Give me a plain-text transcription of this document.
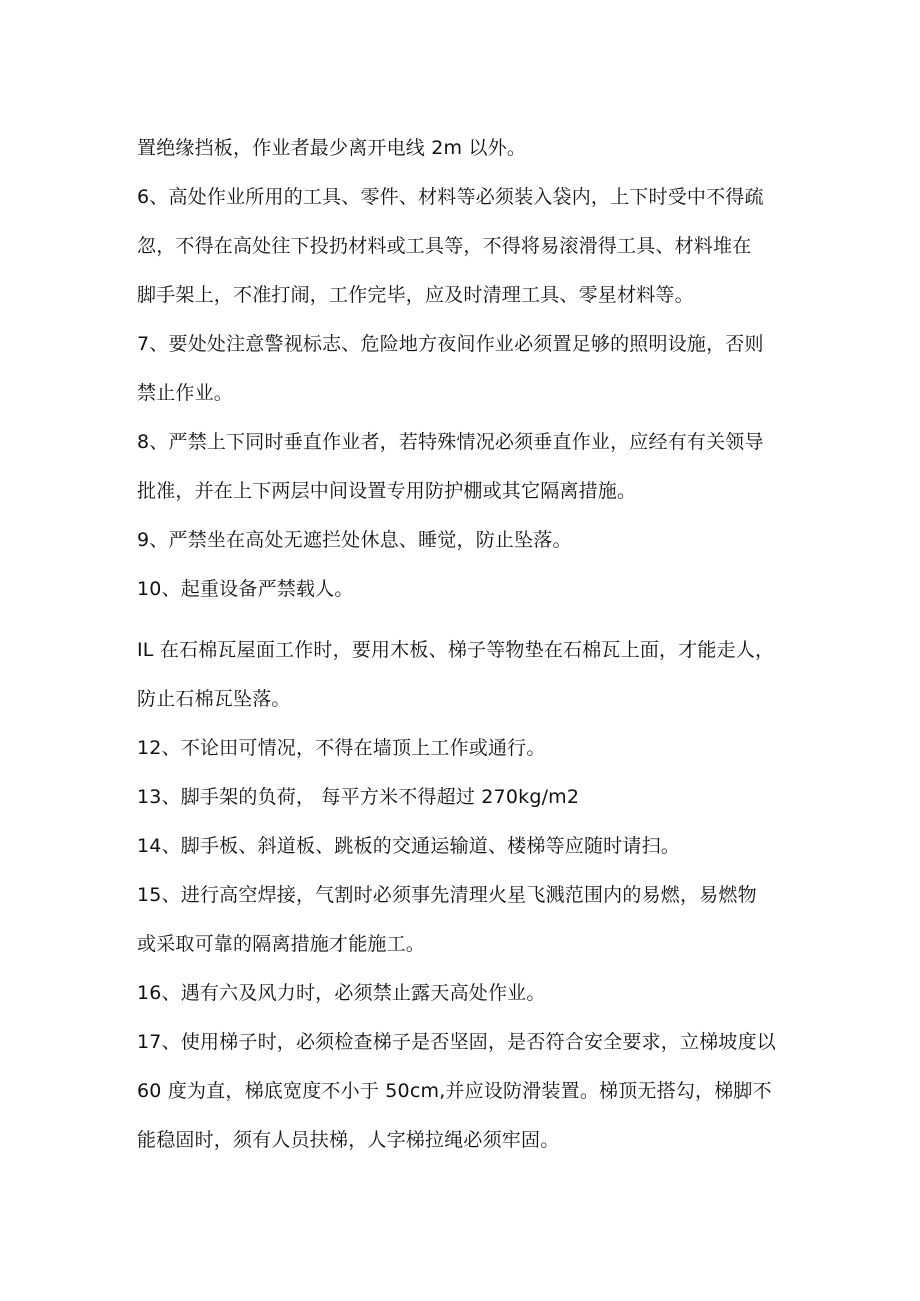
置绝缘挡板，作业者最少离开电线 2m 以外。

6、高处作业所用的工具、零件、材料等必须装入袋内，上下时受中不得疏
忽，不得在高处往下投扔材料或工具等，不得将易滚滑得工具、材料堆在
脚手架上，不准打闹，工作完毕，应及时清理工具、零星材料等。

7、要处处注意警视标志、危险地方夜间作业必须置足够的照明设施，否则
禁止作业。

8、严禁上下同时垂直作业者，若特殊情况必须垂直作业，应经有有关领导
批准，并在上下两层中间设置专用防护棚或其它隔离措施。

9、严禁坐在高处无遮拦处休息、睡觉，防止坠落。

10、起重设备严禁载人。

IL 在石棉瓦屋面工作时，要用木板、梯子等物垫在石棉瓦上面，才能走人，
防止石棉瓦坠落。

12、不论田可情况，不得在墙顶上工作或通行。

13、脚手架的负荷， 每平方米不得超过 270kg/m2

14、脚手板、斜道板、跳板的交通运输道、楼梯等应随时请扫。

15、进行高空焊接，气割时必须事先清理火星飞溅范围内的易燃，易燃物
或采取可靠的隔离措施才能施工。

16、遇有六及风力时，必须禁止露天高处作业。

17、使用梯子时，必须检查梯子是否坚固，是否符合安全要求，立梯坡度以
60 度为直，梯底宽度不小于 50cm,并应设防滑装置。梯顶无搭勾，梯脚不
能稳固时，须有人员扶梯，人字梯拉绳必须牢固。
